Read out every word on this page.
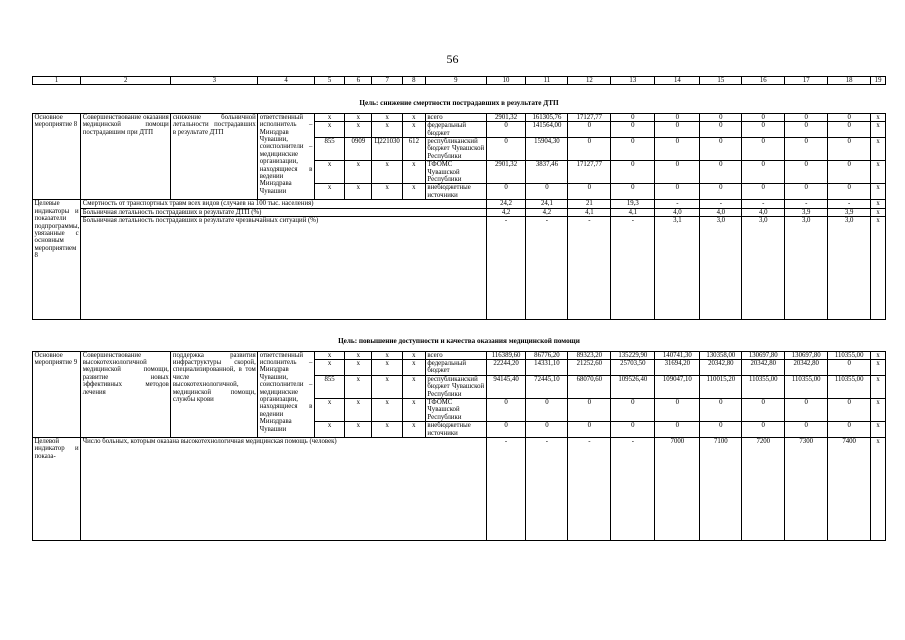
56
1	2	3	4	5	6	7	8	9	10	11	12	13	14	15	16	17	18	19
Цель: снижение смертности пострадавших в результате ДТП																		
Основное мероприятие 8	Совершенствование оказания медицинской помощи пострадавшим при ДТП	снижение больничной летальности пострадавших в результате ДТП	ответственный исполнитель – Минздрав Чувашии, соисполнители – медицинские организации, находящиеся в ведении Минздрава Чувашии	x	x	x	x	всего	2901,32	161305,76	17127,77	0	0	0	0	0	0	x
				x	x	x	x	федеральный бюджет	0	141564,00	0	0	0	0	0	0	0	x
				855	0909	Ц221030	612	республиканский бюджет Чувашской Республики	0	15904,30	0	0	0	0	0	0	0	x
				x	x	x	x	ТФОМС Чувашской Республики	2901,32	3837,46	17127,77	0	0	0	0	0	0	x
				x	x	x	x	внебюджетные источники	0	0	0	0	0	0	0	0	0	x
Целевые индикаторы и показатели подпрограммы, увязанные с основным мероприятием 8	Смертность от транспортных травм всех видов (случаев на 100 тыс. населения)								24,2	24,1	21	19,3	-	-	-	-	-	x
	Больничная летальность пострадавших в результате ДТП (%)								4,2	4,2	4,1	4,1	4,0	4,0	4,0	3,9	3,9	x
	Больничная летальность пострадавших в результате чрезвычайных ситуаций (%)								-	-	-	-	3,1	3,0	3,0	3,0	3,0	x
Цель: повышение доступности и качества оказания медицинской помощи																		
Основное мероприятие 9	Совершенствование высокотехнологичной медицинской помощи, развитие новых эффективных методов лечения	поддержка развития инфраструктуры скорой, специализированной, в том числе высокотехнологичной, медицинской помощи, службы крови	ответственный исполнитель – Минздрав Чувашии, соисполнители – медицинские организации, находящиеся в ведении Минздрава Чувашии	x	x	x	x	всего	116389,60	86776,20	89323,20	135229,90	140741,30	130358,00	130697,80	130697,80	110355,00	x
				x	x	x	x	федеральный бюджет	22244,20	14331,10	21252,60	25703,50	31694,20	20342,80	20342,80	20342,80	0	x
				855	x	x	x	республиканский бюджет Чувашской Республики	94145,40	72445,10	68070,60	109526,40	109047,10	110015,20	110355,00	110355,00	110355,00	x
				x	x	x	x	ТФОМС Чувашской Республики	0	0	0	0	0	0	0	0	0	x
				x	x	x	x	внебюджетные источники	0	0	0	0	0	0	0	0	0	x
Целевой индикатор и показа-	Число больных, которым оказана высокотехнологичная медицинская помощь (человек)								-	-	-	-	7000	7100	7200	7300	7400	x
